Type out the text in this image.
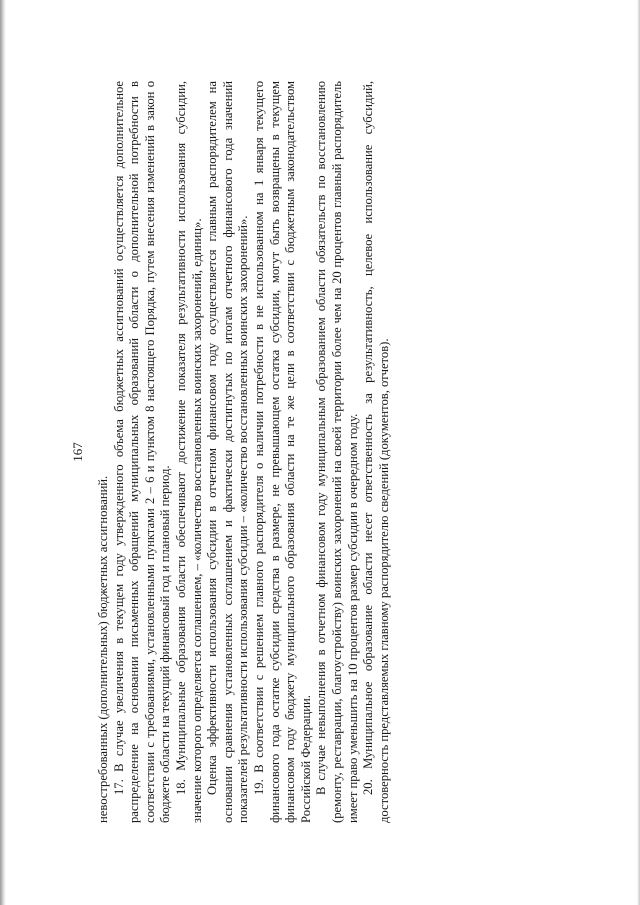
167

невостребованных (дополнительных) бюджетных ассигнований. 17. В случае увеличения в текущем году утвержденного объема бюджетных ассигнований осуществляется дополнительное распределение на основании письменных обращений муниципальных образований области о дополнительной потребности в соответствии с требованиями, установленными пунктами 2 – 6 и пунктом 8 настоящего Порядка, путем внесения изменений в закон о бюджете области на текущий финансовый год и плановый период. 18. Муниципальные образования области обеспечивают достижение показателя результативности использования субсидии, значение которого определяется соглашением, – «количество восстановленных воинских захоронений, единиц». Оценка эффективности использования субсидии в отчетном финансовом году осуществляется главным распорядителем на основании сравнения установленных соглашением и фактически достигнутых по итогам отчетного финансового года значений показателей результативности использования субсидии – «количество восстановленных воинских захоронений». 19. В соответствии с решением главного распорядителя о наличии потребности в не использованном на 1 января текущего финансового года остатке субсидии средства в размере, не превышающем остатка субсидии, могут быть возвращены в текущем финансовом году бюджету муниципального образования области на те же цели в соответствии с бюджетным законодательством Российской Федерации. В случае невыполнения в отчетном финансовом году муниципальным образованием области обязательств по восстановлению (ремонту, реставрации, благоустройству) воинских захоронений на своей территории более чем на 20 процентов главный распорядитель имеет право уменьшить на 10 процентов размер субсидии в очередном году. 20. Муниципальное образование области несет ответственность за результативность, целевое использование субсидий, достоверность представляемых главному распорядителю сведений (документов, отчетов).
